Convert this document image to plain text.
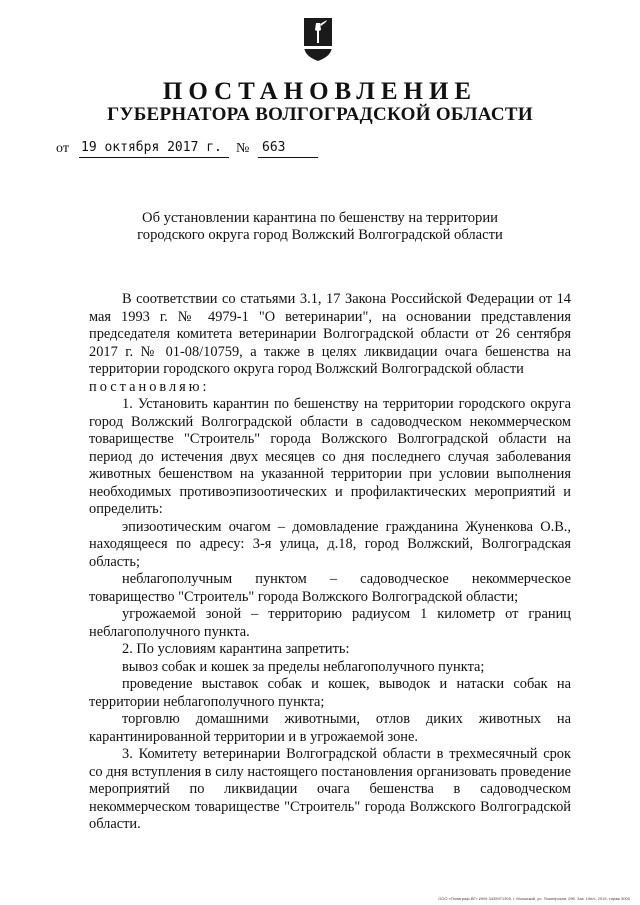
ПОСТАНОВЛЕНИЕ
ГУБЕРНАТОРА ВОЛГОГРАДСКОЙ ОБЛАСТИ
от 19 октября 2017 г.	№ 663
Об установлении карантина по бешенству на территории городского округа город Волжский Волгоградской области

В соответствии со статьями 3.1, 17 Закона Российской Федерации от 14 мая 1993 г. № 4979-1 "О ветеринарии", на основании представления председателя комитета ветеринарии Волгоградской области от 26 сентября 2017 г. № 01-08/10759, а также в целях ликвидации очага бешенства на территории городского округа город Волжский Волгоградской области

постановляю:

1. Установить карантин по бешенству на территории городского округа город Волжский Волгоградской области в садоводческом некоммерческом товариществе "Строитель" города Волжского Волгоградской области на период до истечения двух месяцев со дня последнего случая заболевания животных бешенством на указанной территории при условии выполнения необходимых противоэпизоотических и профилактических мероприятий и определить:

эпизоотическим очагом – домовладение гражданина Жуненкова О.В., находящееся по адресу: 3-я улица, д.18, город Волжский, Волгоградская область;

неблагополучным пунктом – садоводческое некоммерческое товарищество "Строитель" города Волжского Волгоградской области;

угрожаемой зоной – территорию радиусом 1 километр от границ неблагополучного пункта.

2. По условиям карантина запретить:

вывоз собак и кошек за пределы неблагополучного пункта;

проведение выставок собак и кошек, выводок и натаски собак на территории неблагополучного пункта;

торговлю домашними животными, отлов диких животных на карантинированной территории и в угрожаемой зоне.

3. Комитету ветеринарии Волгоградской области в трехмесячный срок со дня вступления в силу настоящего постановления организовать проведение мероприятий по ликвидации очага бешенства в садоводческом некоммерческом товариществе "Строитель" города Волжского Волгоградской области.

ООО «Полиграф-ВГ» ИНН 3435971309, г. Молжский, ул. Пионерская, 29б. Зак. 19н/с, 2015, тираж 5000
